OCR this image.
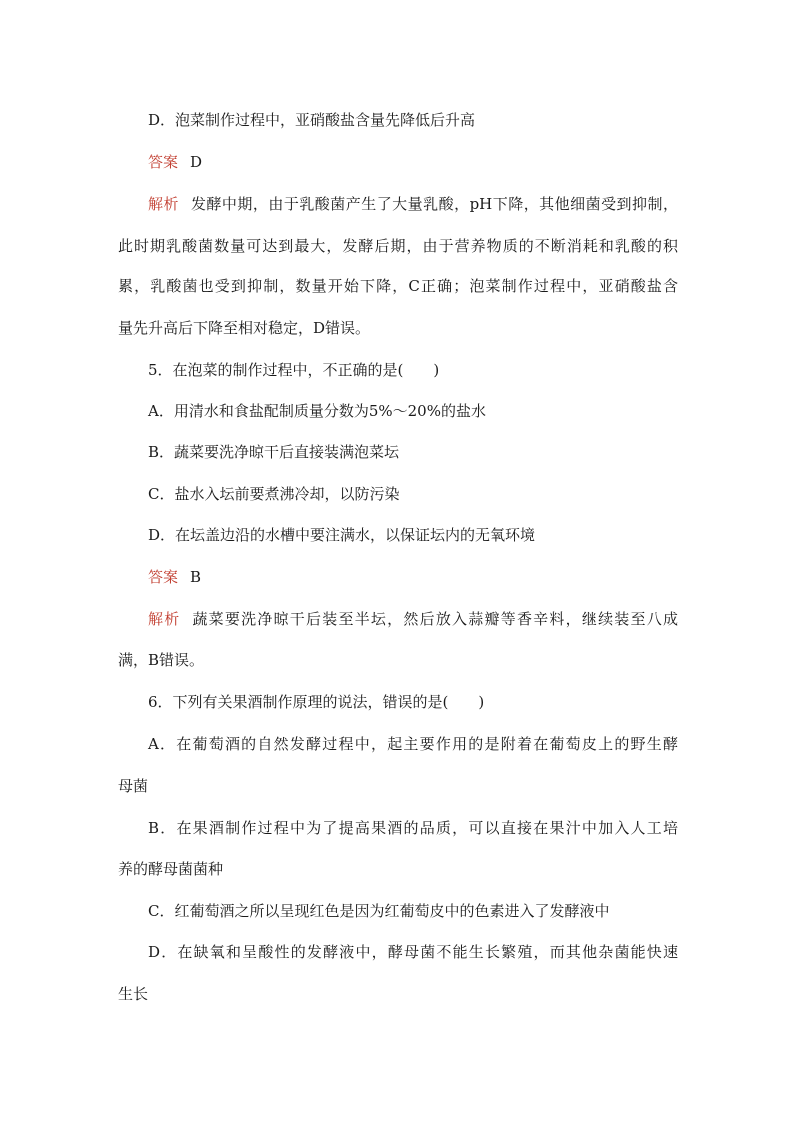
D．泡菜制作过程中，亚硝酸盐含量先降低后升高
答案 D
解析 发酵中期，由于乳酸菌产生了大量乳酸，pH下降，其他细菌受到抑制，
此时期乳酸菌数量可达到最大，发酵后期，由于营养物质的不断消耗和乳酸的积
累，乳酸菌也受到抑制，数量开始下降，C正确；泡菜制作过程中，亚硝酸盐含
量先升高后下降至相对稳定，D错误。
5．在泡菜的制作过程中，不正确的是(　　)
A．用清水和食盐配制质量分数为5%～20%的盐水
B．蔬菜要洗净晾干后直接装满泡菜坛
C．盐水入坛前要煮沸冷却，以防污染
D．在坛盖边沿的水槽中要注满水，以保证坛内的无氧环境
答案 B
解析 蔬菜要洗净晾干后装至半坛，然后放入蒜瓣等香辛料，继续装至八成
满，B错误。
6．下列有关果酒制作原理的说法，错误的是(　　)
A．在葡萄酒的自然发酵过程中，起主要作用的是附着在葡萄皮上的野生酵
母菌
B．在果酒制作过程中为了提高果酒的品质，可以直接在果汁中加入人工培
养的酵母菌菌种
C．红葡萄酒之所以呈现红色是因为红葡萄皮中的色素进入了发酵液中
D．在缺氧和呈酸性的发酵液中，酵母菌不能生长繁殖，而其他杂菌能快速
生长
